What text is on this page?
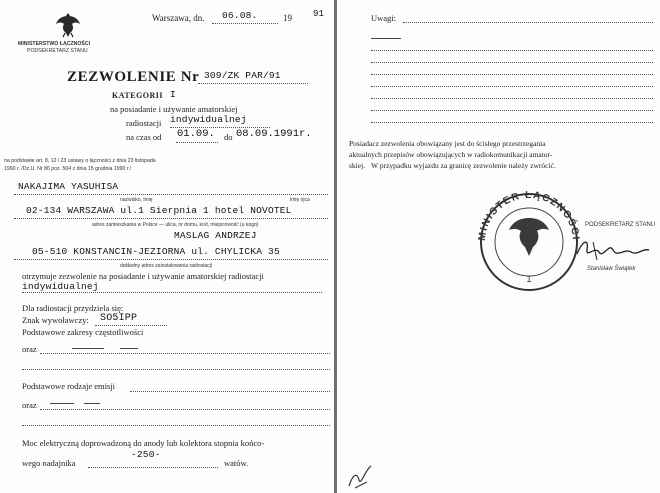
MINISTERSTWO ŁĄCZNOŚCI
PODSEKRETARZ STANU
Warszawa, dn. 06.08.	19 91
ZEZWOLENIE Nr 309/ZK PAR/91
KATEGORII I
na posiadanie i używanie amatorskiej
indywidualnej
radiostacji
na czas od 01.09. do 08.09.1991r.
na podstawie art. 8, 12 i 23 ustawy o łączności z dnia 23 listopada
1990 r. /Dz.U. Nr 86 poz. 504 z dnia 15 grudnia 1990 r./
NAKAJIMA YASUHISA
nazwisko, imię	imię ojca
02-134 WARSZAWA ul.1 Sierpnia 1 hotel NOVOTEL
adres zamieszkania w Polsce — ulica, nr domu, kod, miejscowość (u kogo)
MASLAG ANDRZEJ
05-510 KONSTANCIN-JEZIORNA ul. CHYLICKA 35
dokładny adres zainstalowania radiostacji
otrzymuje zezwolenie na posiadanie i używanie amatorskiej radiostacji
indywidualnej
Dla radiostacji przydziela się:
Znak wywoławczy: SO5IPP
Podstawowe zakresy częstotliwości
oraz
Podstawowe rodzaje emisji
oraz
Moc elektryczną doprowadzoną do anody lub kolektora stopnia końco-
wego nadajnika
-250-
watów.
Uwagi:
Posiadacz zezwolenia obowiązany jest do ścisłego przestrzegania
aktualnych przepisów obowiązujących w radiokomunikacji amator-
skiej. W przypadku wyjazdu za granicę zezwolenie należy zwrócić.
MINISTER ŁĄCZNOŚCI
1
PODSEKRETARZ STANU
Stanisław Świątek
